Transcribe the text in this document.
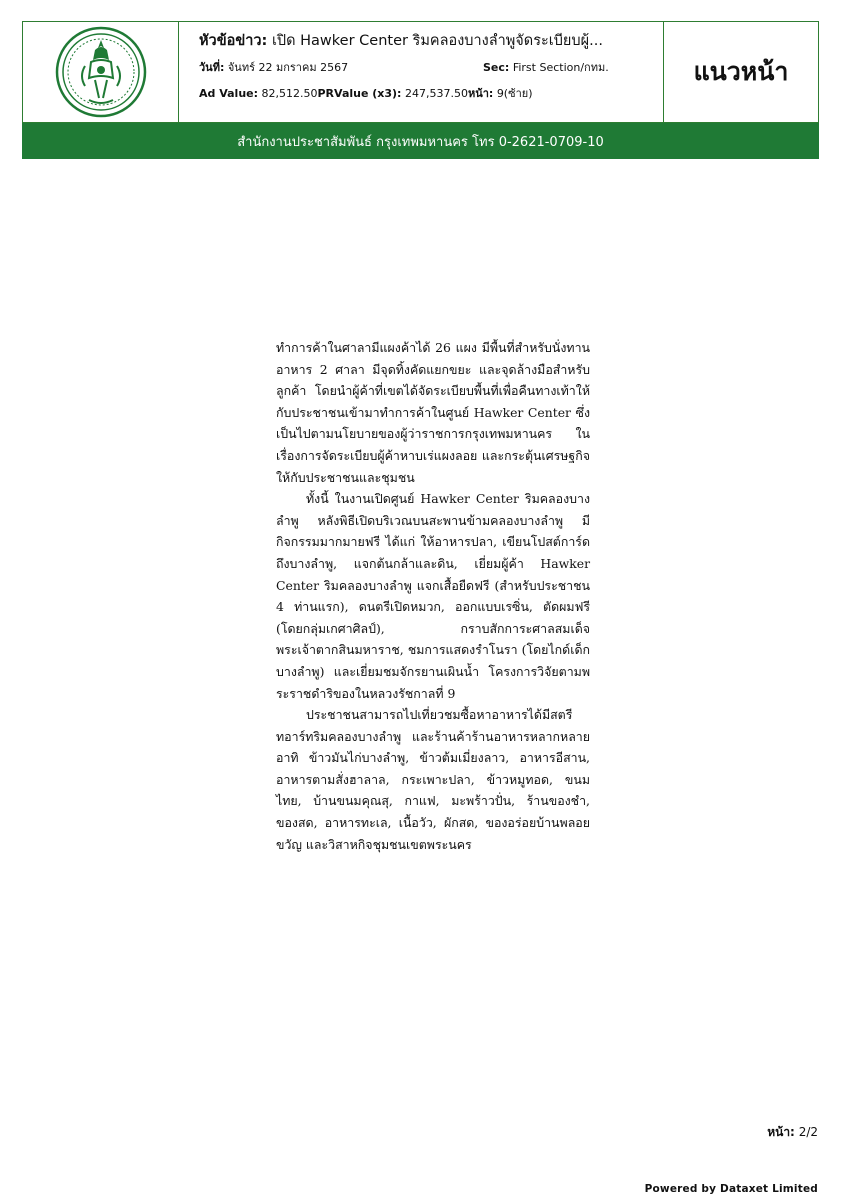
หัวข้อข่าว: เปิด Hawker Center ริมคลองบางลำพูจัดระเบียบผู้...
วันที่: จันทร์ 22 มกราคม 2567	Sec: First Section/กทม.
Ad Value: 82,512.50PRValue (x3): 247,537.50หน้า: 9(ซ้าย)
แนวหน้า
สำนักงานประชาสัมพันธ์ กรุงเทพมหานคร โทร 0-2621-0709-10

ทำการค้าในศาลามีแผงค้าได้ 26 แผง มีพื้นที่สำหรับนั่งทานอาหาร 2 ศาลา มีจุดทิ้งคัดแยกขยะ และจุดล้างมือสำหรับลูกค้า โดยนำผู้ค้าที่เขตได้จัดระเบียบพื้นที่เพื่อคืนทางเท้าให้กับประชาชนเข้ามาทำการค้าในศูนย์ Hawker Center ซึ่งเป็นไปตามนโยบายของผู้ว่าราชการกรุงเทพมหานคร ในเรื่องการจัดระเบียบผู้ค้าหาบเร่แผงลอย และกระตุ้นเศรษฐกิจให้กับประชาชนและชุมชน

ทั้งนี้ ในงานเปิดศูนย์ Hawker Center ริมคลองบางลำพู หลังพิธีเปิดบริเวณบนสะพานข้ามคลองบางลำพู มีกิจกรรมมากมายฟรี ได้แก่ ให้อาหารปลา, เขียนโปสต์การ์ดถึงบางลำพู, แจกต้นกล้าและดิน, เยี่ยมผู้ค้า Hawker Center ริมคลองบางลำพู แจกเสื้อยืดฟรี (สำหรับประชาชน 4 ท่านแรก), ดนตรีเปิดหมวก, ออกแบบเรซิ่น, ตัดผมฟรี (โดยกลุ่มเกศาศิลป์), กราบสักการะศาลสมเด็จพระเจ้าตากสินมหาราช, ชมการแสดงรำโนรา (โดยไกด์เด็กบางลำพู) และเยี่ยมชมจักรยานเผินน้ำ โครงการวิจัยตามพระราชดำริของในหลวงรัชกาลที่ 9

ประชาชนสามารถไปเที่ยวชมซื้อหาอาหารได้มีสตรีทอาร์ทริมคลองบางลำพู และร้านค้าร้านอาหารหลากหลาย อาทิ ข้าวมันไก่บางลำพู, ข้าวต้มเมี่ยงลาว, อาหารอีสาน, อาหารตามสั่งฮาลาล, กระเพาะปลา, ข้าวหมูทอด, ขนมไทย, บ้านขนมคุณสุ, กาแฟ, มะพร้าวปั่น, ร้านของชำ, ของสด, อาหารทะเล, เนื้อวัว, ผักสด, ของอร่อยบ้านพลอยขวัญ และวิสาหกิจชุมชนเขตพระนคร

หน้า: 2/2
Powered by Dataxet Limited
